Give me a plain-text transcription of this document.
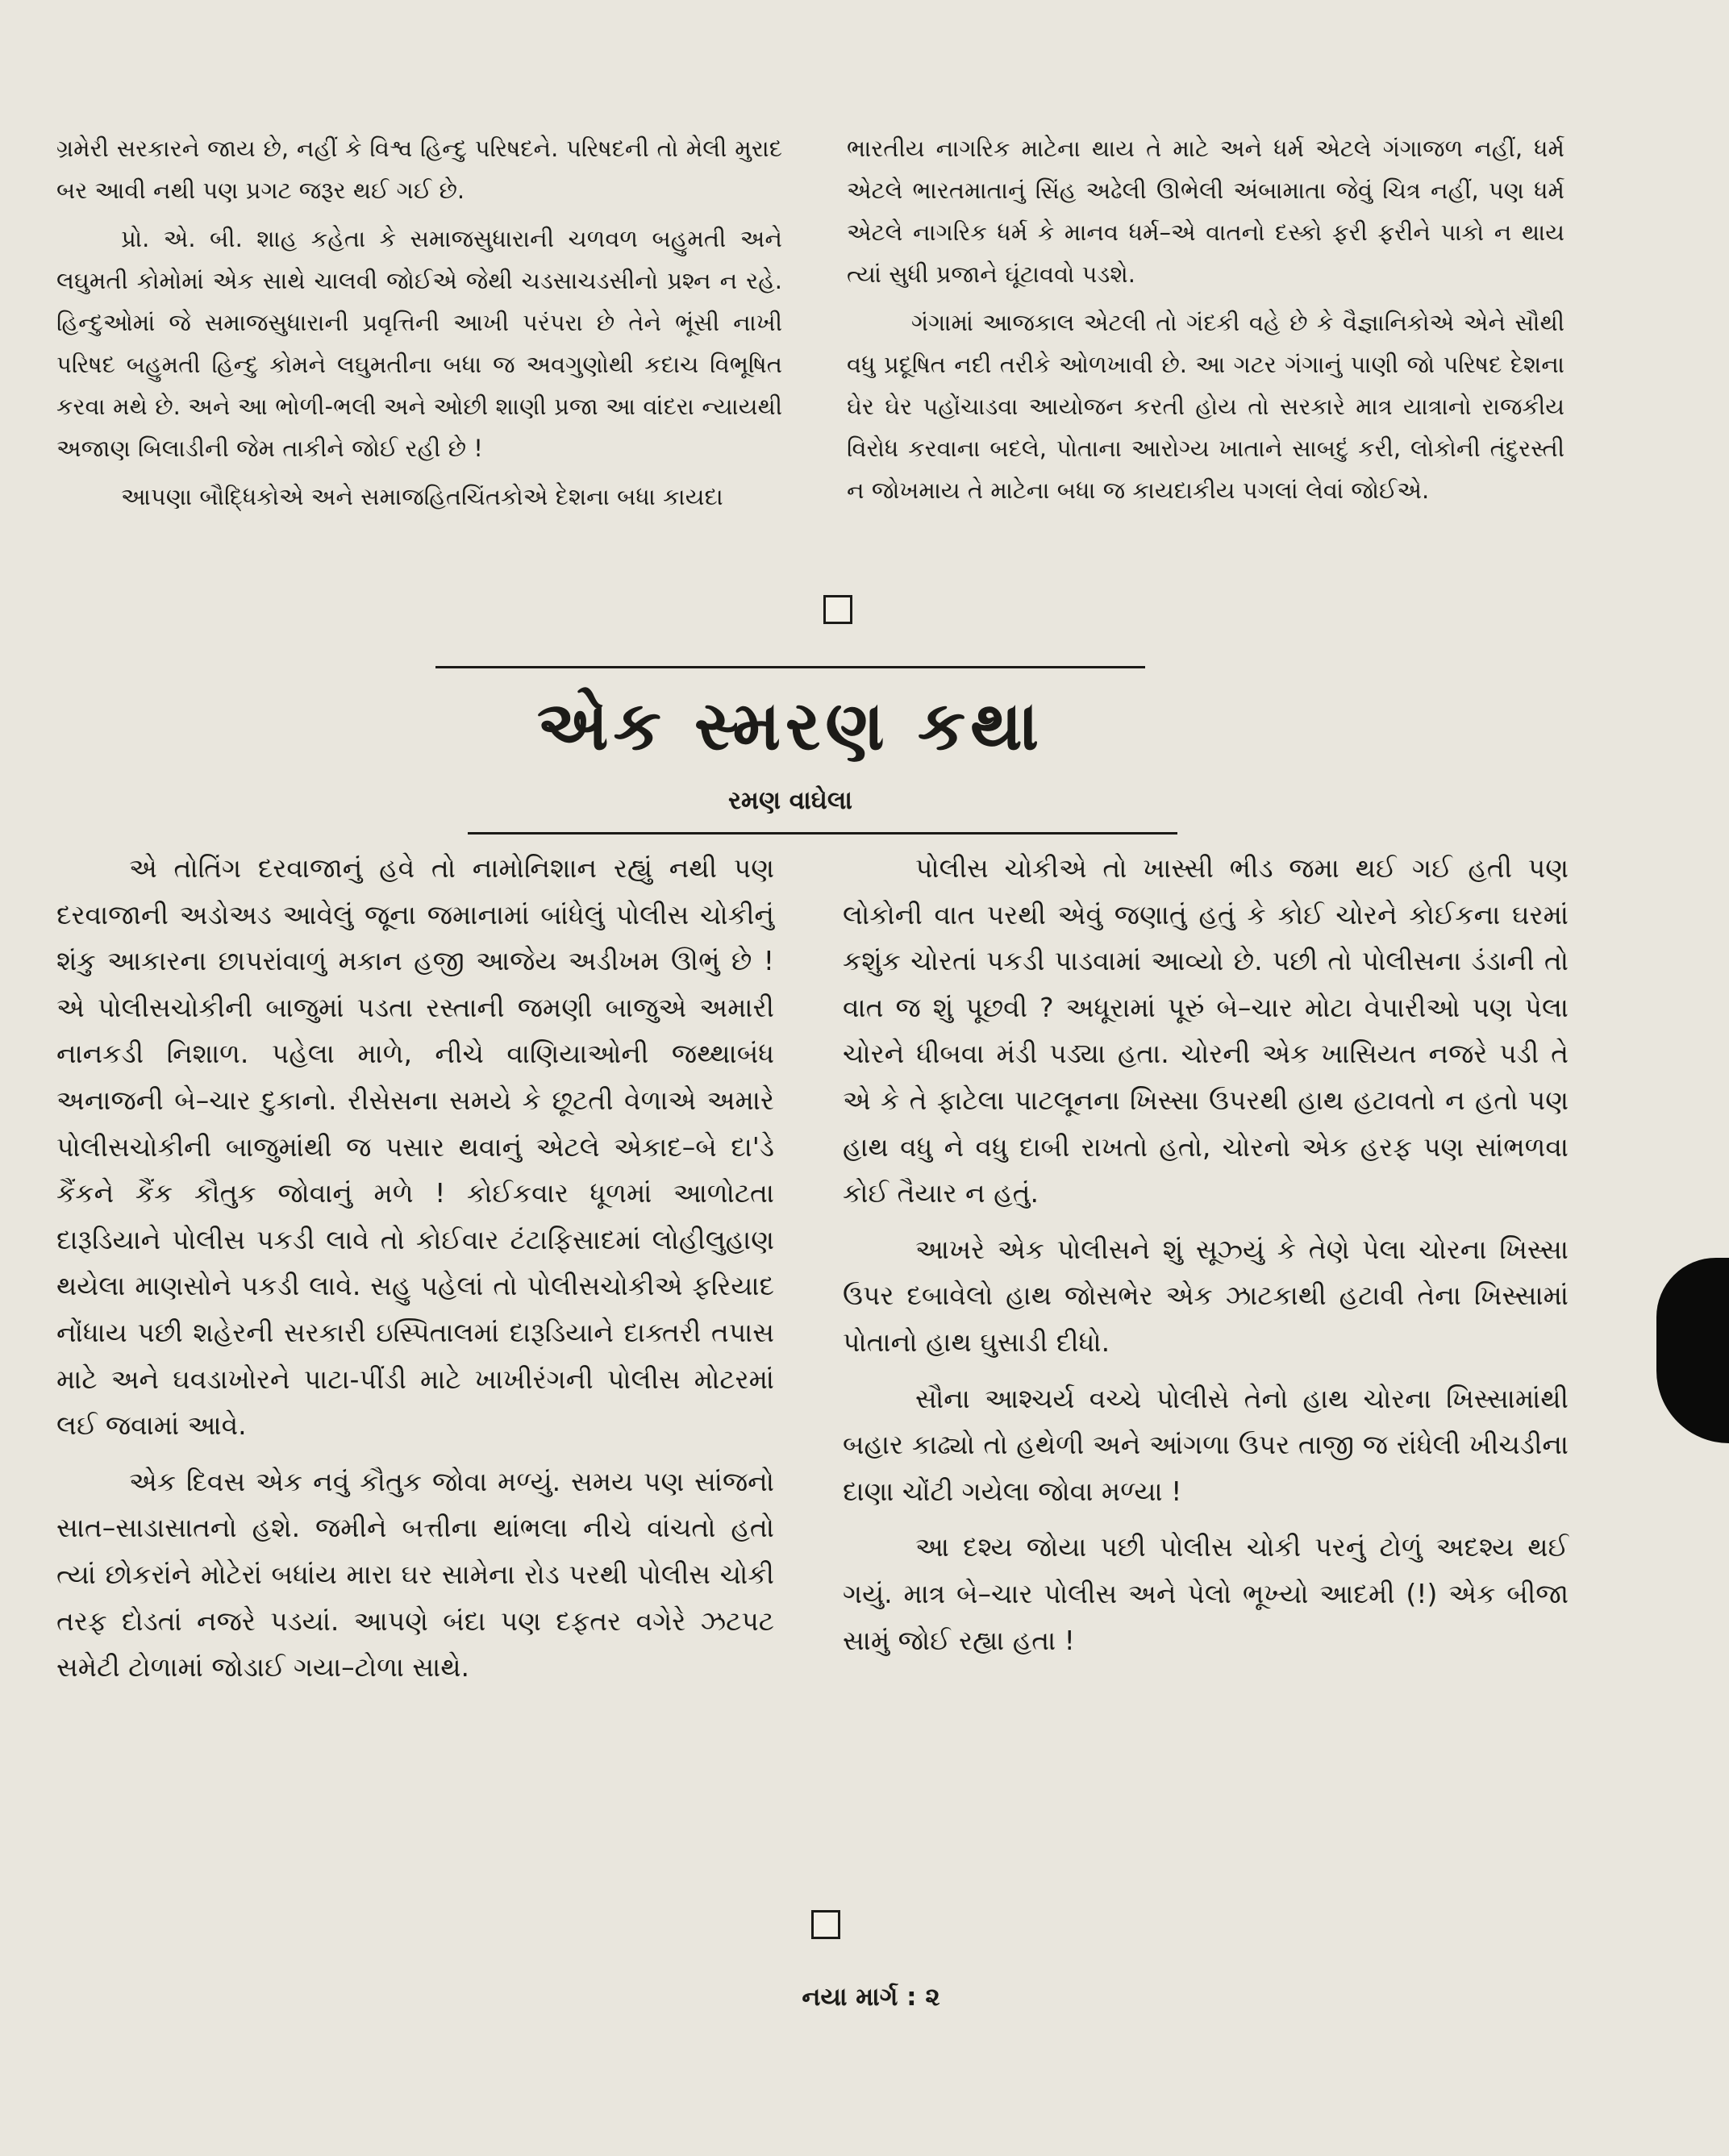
ગ્રમેરી સરકારને જાય છે, નહીં કે વિશ્વ હિન્દુ પરિષદને. પરિષદની તો મેલી મુરાદ બર આવી નથી પણ પ્રગટ જરૂર થઈ ગઈ છે.

પ્રો. એ. બી. શાહ કહેતા કે સમાજસુધારાની ચળવળ બહુમતી અને લઘુમતી કોમોમાં એક સાથે ચાલવી જોઈએ જેથી ચડસાચડસીનો પ્રશ્ન ન રહે. હિન્દુઓમાં જે સમાજસુધારાની પ્રવૃત્તિની આખી પરંપરા છે તેને ભૂંસી નાખી પરિષદ બહુમતી હિન્દુ કોમને લઘુમતીના બધા જ અવગુણોથી કદાચ વિભૂષિત કરવા મથે છે. અને આ ભોળી-ભલી અને ઓછી શાણી પ્રજા આ વાંદરા ન્યાયથી અજાણ બિલાડીની જેમ તાકીને જોઈ રહી છે !

આપણા બૌદ્ધિકોએ અને સમાજહિતચિંતકોએ દેશના બધા કાયદા

ભારતીય નાગરિક માટેના થાય તે માટે અને ધર્મ એટલે ગંગાજળ નહીં, ધર્મ એટલે ભારતમાતાનું સિંહ અઢેલી ઊભેલી અંબામાતા જેવું ચિત્ર નહીં, પણ ધર્મ એટલે નાગરિક ધર્મ કે માનવ ધર્મ–એ વાતનો દસ્કો ફરી ફરીને પાકો ન થાય ત્યાં સુધી પ્રજાને ઘૂંટાવવો પડશે.

ગંગામાં આજકાલ એટલી તો ગંદકી વહે છે કે વૈજ્ઞાનિકોએ એને સૌથી વધુ પ્રદૂષિત નદી તરીકે ઓળખાવી છે. આ ગટર ગંગાનું પાણી જો પરિષદ દેશના ઘેર ઘેર પહોંચાડવા આયોજન કરતી હોય તો સરકારે માત્ર યાત્રાનો રાજકીય વિરોધ કરવાના બદલે, પોતાના આરોગ્ય ખાતાને સાબદું કરી, લોકોની તંદુરસ્તી ન જોખમાય તે માટેના બધા જ કાયદાકીય પગલાં લેવાં જોઈએ.

એક સ્મરણ કથા
રમણ વાઘેલા

એ તોતિંગ દરવાજાનું હવે તો નામોનિશાન રહ્યું નથી પણ દરવાજાની અડોઅડ આવેલું જૂના જમાનામાં બાંધેલું પોલીસ ચોકીનું શંકુ આકારના છાપરાંવાળું મકાન હજી આજેય અડીખમ ઊભું છે ! એ પોલીસચોકીની બાજુમાં પડતા રસ્તાની જમણી બાજુએ અમારી નાનકડી નિશાળ. પહેલા માળે, નીચે વાણિયાઓની જથ્થાબંધ અનાજની બે–ચાર દુકાનો. રીસેસના સમયે કે છૂટતી વેળાએ અમારે પોલીસચોકીની બાજુમાંથી જ પસાર થવાનું એટલે એકાદ–બે દા'ડે કૈંકને કૈંક કૌતુક જોવાનું મળે ! કોઈકવાર ધૂળમાં આળોટતા દારૂડિયાને પોલીસ પકડી લાવે તો કોઈવાર ટંટાફિસાદમાં લોહીલુહાણ થયેલા માણસોને પકડી લાવે. સહુ પહેલાં તો પોલીસચોકીએ ફરિયાદ નોંધાય પછી શહેરની સરકારી ઇસ્પિતાલમાં દારૂડિયાને દાક્તરી તપાસ માટે અને ઘવડાખોરને પાટા-પીંડી માટે ખાખીરંગની પોલીસ મોટરમાં લઈ જવામાં આવે.

એક દિવસ એક નવું કૌતુક જોવા મળ્યું. સમય પણ સાંજનો સાત–સાડાસાતનો હશે. જમીને બત્તીના થાંભલા નીચે વાંચતો હતો ત્યાં છોકરાંને મોટેરાં બધાંય મારા ઘર સામેના રોડ પરથી પોલીસ ચોકી તરફ દોડતાં નજરે પડયાં. આપણે બંદા પણ દફતર વગેરે ઝટપટ સમેટી ટોળામાં જોડાઈ ગયા–ટોળા સાથે.

પોલીસ ચોકીએ તો ખાસ્સી ભીડ જમા થઈ ગઈ હતી પણ લોકોની વાત પરથી એવું જણાતું હતું કે કોઈ ચોરને કોઈકના ઘરમાં કશુંક ચોરતાં પકડી પાડવામાં આવ્યો છે. પછી તો પોલીસના ડંડાની તો વાત જ શું પૂછવી ? અધૂરામાં પૂરું બે–ચાર મોટા વેપારીઓ પણ પેલા ચોરને ધીબવા મંડી પડ્યા હતા. ચોરની એક ખાસિયત નજરે પડી તે એ કે તે ફાટેલા પાટલૂનના ખિસ્સા ઉપરથી હાથ હટાવતો ન હતો પણ હાથ વધુ ને વધુ દાબી રાખતો હતો, ચોરનો એક હરફ પણ સાંભળવા કોઈ તૈયાર ન હતું.

આખરે એક પોલીસને શું સૂઝ્યું કે તેણે પેલા ચોરના ખિસ્સા ઉપર દબાવેલો હાથ જોસભેર એક ઝાટકાથી હટાવી તેના ખિસ્સામાં પોતાનો હાથ ઘુસાડી દીધો.

સૌના આશ્ચર્ય વચ્ચે પોલીસે તેનો હાથ ચોરના ખિસ્સામાંથી બહાર કાઢ્યો તો હથેળી અને આંગળા ઉપર તાજી જ રાંધેલી ખીચડીના દાણા ચોંટી ગયેલા જોવા મળ્યા !

આ દશ્ય જોયા પછી પોલીસ ચોકી પરનું ટોળું અદશ્ય થઈ ગયું. માત્ર બે–ચાર પોલીસ અને પેલો ભૂખ્યો આદમી (!) એક બીજા સામું જોઈ રહ્યા હતા !

નયા માર્ગ : ૨
